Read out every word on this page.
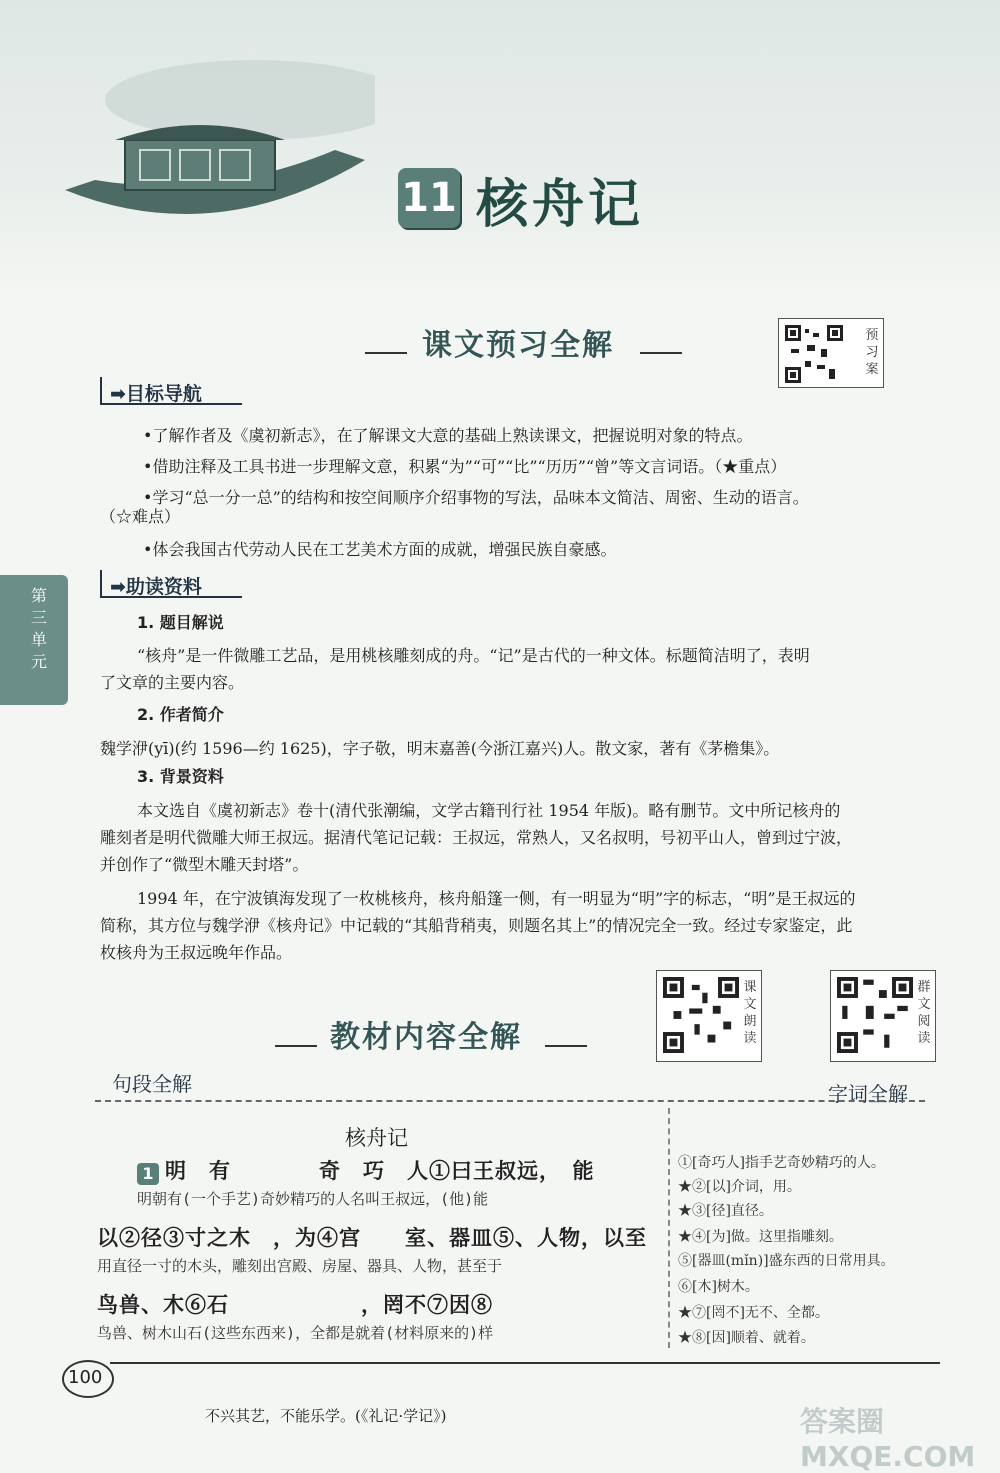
11 核舟记
预习案
课文预习全解
➡目标导航
•了解作者及《虞初新志》，在了解课文大意的基础上熟读课文，把握说明对象的特点。
•借助注释及工具书进一步理解文意，积累“为”“可”“比”“历历”“曾”等文言词语。（★重点）
•学习“总一分一总”的结构和按空间顺序介绍事物的写法，品味本文简洁、周密、生动的语言。
（☆难点）
•体会我国古代劳动人民在工艺美术方面的成就，增强民族自豪感。
第三单元
➡助读资料
1. 题目解说
“核舟”是一件微雕工艺品，是用桃核雕刻成的舟。“记”是古代的一种文体。标题简洁明了，表明
了文章的主要内容。
2. 作者简介
魏学洢(yī)(约 1596—约 1625)，字子敬，明末嘉善(今浙江嘉兴)人。散文家，著有《茅檐集》。
3. 背景资料
本文选自《虞初新志》卷十(清代张潮编，文学古籍刊行社 1954 年版)。略有删节。文中所记核舟的
雕刻者是明代微雕大师王叔远。据清代笔记记载：王叔远，常熟人，又名叔明，号初平山人，曾到过宁波，
并创作了“微型木雕天封塔”。
1994 年，在宁波镇海发现了一枚桃核舟，核舟船篷一侧，有一明显为“明”字的标志，“明”是王叔远的
简称，其方位与魏学洢《核舟记》中记载的“其船背稍夷，则题名其上”的情况完全一致。经过专家鉴定，此
枚核舟为王叔远晚年作品。
课文朗读
群文阅读
教材内容全解
句段全解	字词全解
核舟记
1 明　有　　　　奇　巧　人①曰王叔远，　能
明朝有(一个手艺)奇妙精巧的人名叫王叔远，(他)能
以②径③寸之木　，为④宫　　室、器皿⑤、人物，以至
用直径一寸的木头，雕刻出宫殿、房屋、器具、人物，甚至于
鸟兽、木⑥石　　　　　　，罔不⑦因⑧
鸟兽、树木山石(这些东西来)，全都是就着(材料原来的)样
①[奇巧人]指手艺奇妙精巧的人。
★②[以]介词，用。
★③[径]直径。
★④[为]做。这里指雕刻。
⑤[器皿(mǐn)]盛东西的日常用具。
⑥[木]树木。
★⑦[罔不]无不、全都。
★⑧[因]顺着、就着。
100
不兴其艺，不能乐学。(《礼记·学记》)	答案圈 MXQE.COM
